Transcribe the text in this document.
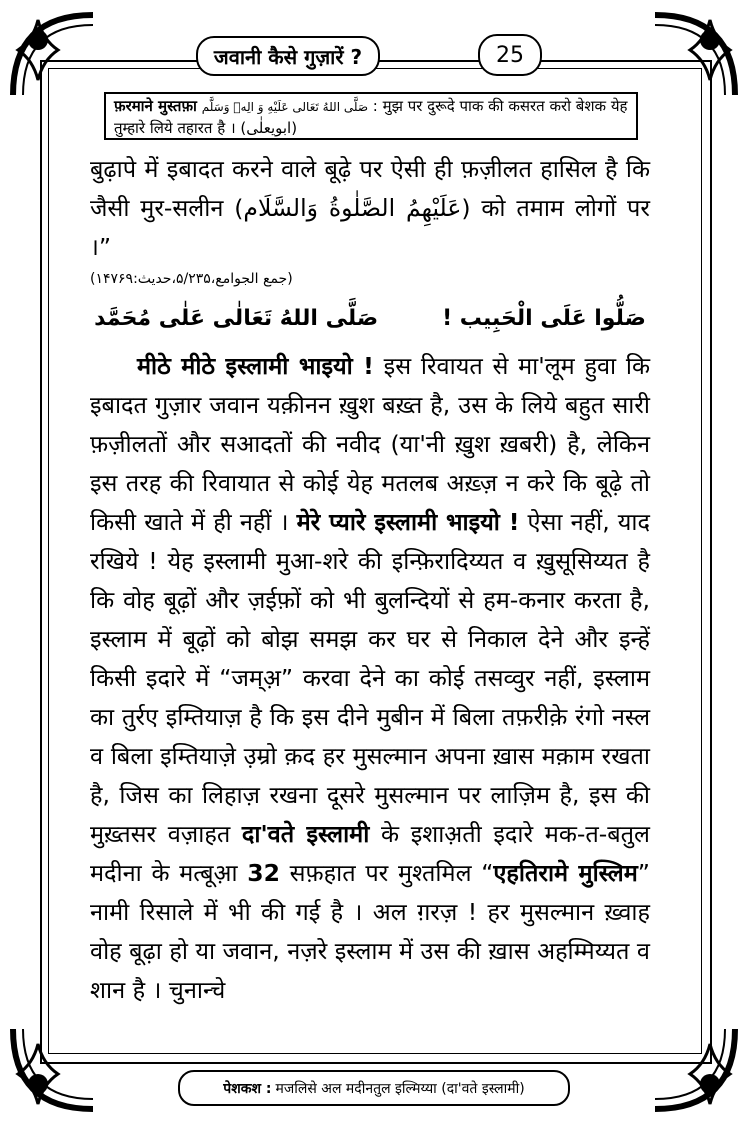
जवानी कैसे गुज़ारें ?	25
फ़रमाने मुस्तफ़ा صَلَّى اللهُ تَعَالى عَلَيْهِ وَ الِهٖ وَسَلَّم : मुझ पर दुरूदे पाक की कसरत करो बेशक येह तुम्हारे लिये तहारत है । (ابویعلٰی)

बुढ़ापे में इबादत करने वाले बूढ़े पर ऐसी ही फ़ज़ीलत हासिल है कि जैसी मुर-सलीन (عَلَيْهِمُ الصَّلٰوةُ وَالسَّلَام) को तमाम लोगों पर ।”

(جمع الجوامع،۵/۲۳۵،حدیث:۱۴۷۶۹)

صَلُّوا عَلَى الْحَبِيب !
صَلَّى اللهُ تَعَالٰى عَلٰى مُحَمَّد

  मीठे मीठे इस्लामी भाइयो ! इस रिवायत से मा'लूम हुवा कि इबादत गुज़ार जवान यक़ीनन ख़ुश बख़्त है, उस के लिये बहुत सारी फ़ज़ीलतों और सआदतों की नवीद (या'नी ख़ुश ख़बरी) है, लेकिन इस तरह की रिवायात से कोई येह मतलब अख़्ज़ न करे कि बूढ़े तो किसी खाते में ही नहीं । मेरे प्यारे इस्लामी भाइयो ! ऐसा नहीं, याद रखिये ! येह इस्लामी मुआ-शरे की इन्फ़िरादिय्यत व ख़ुसूसिय्यत है कि वोह बूढ़ों और ज़ईफ़ों को भी बुलन्दियों से हम-कनार करता है, इस्लाम में बूढ़ों को बोझ समझ कर घर से निकाल देने और इन्हें किसी इदारे में “जम्अ़” करवा देने का कोई तसव्वुर नहीं, इस्लाम का तुर्रए इम्तियाज़ है कि इस दीने मुबीन में बिला तफ़रीक़े रंगो नस्ल व बिला इम्तियाज़े उ़म्रो क़द हर मुसल्मान अपना ख़ास मक़ाम रखता है, जिस का लिहाज़ रखना दूसरे मुसल्मान पर लाज़िम है, इस की मुख़्तसर वज़ाहत दा'वते इस्लामी के इशाअ़ती इदारे मक-त-बतुल मदीना के मत्बूआ़ 32 सफ़हात पर मुश्तमिल “एहतिरामे मुस्लिम” नामी रिसाले में भी की गई है । अल ग़रज़ ! हर मुसल्मान ख़्वाह वोह बूढ़ा हो या जवान, नज़रे इस्लाम में उस की ख़ास अहम्मिय्यत व शान है । चुनान्चे

पेशकश : मजलिसे अल मदीनतुल इल्मिय्या (दा'वते इस्लामी)
